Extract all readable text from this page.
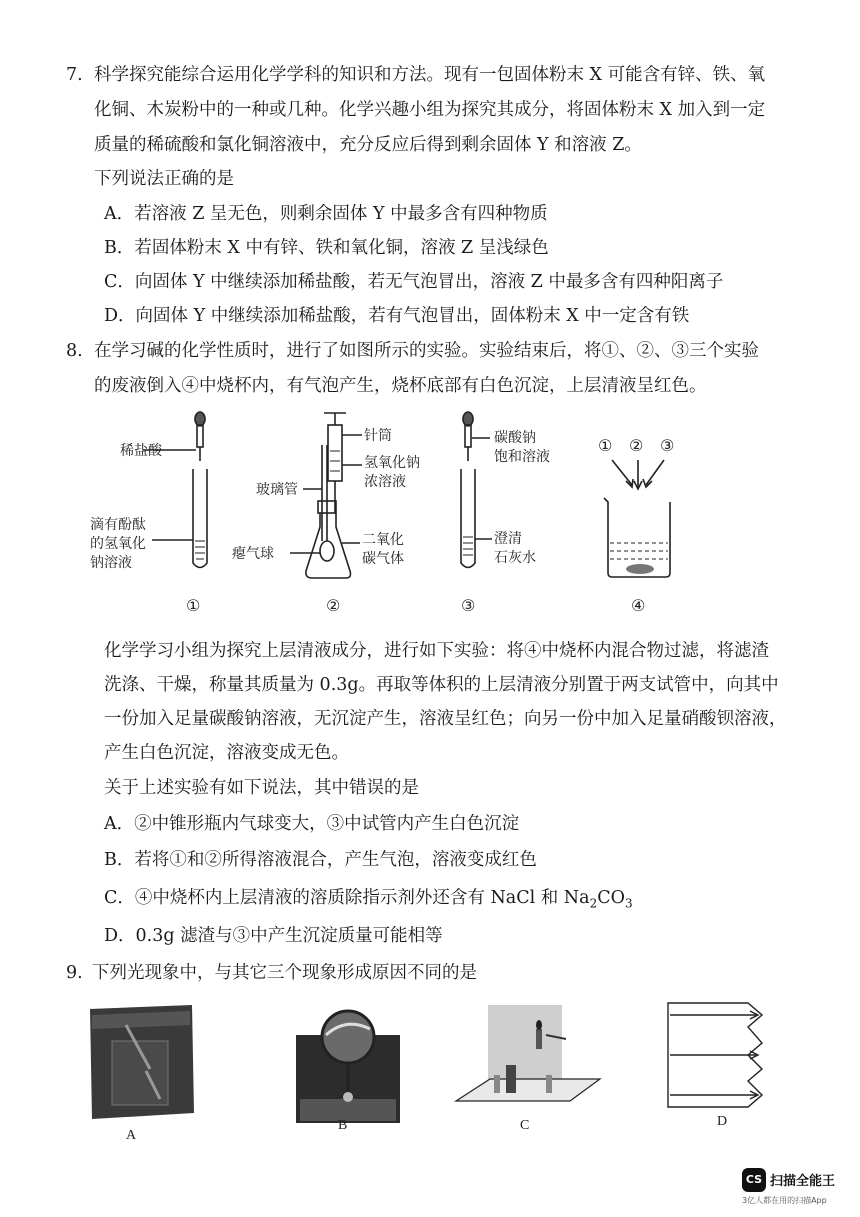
7. 科学探究能综合运用化学学科的知识和方法。现有一包固体粉末 X 可能含有锌、铁、氧
化铜、木炭粉中的一种或几种。化学兴趣小组为探究其成分，将固体粉末 X 加入到一定
质量的稀硫酸和氯化铜溶液中，充分反应后得到剩余固体 Y 和溶液 Z。
下列说法正确的是
A．若溶液 Z 呈无色，则剩余固体 Y 中最多含有四种物质
B．若固体粉末 X 中有锌、铁和氧化铜，溶液 Z 呈浅绿色
C．向固体 Y 中继续添加稀盐酸，若无气泡冒出，溶液 Z 中最多含有四种阳离子
D．向固体 Y 中继续添加稀盐酸，若有气泡冒出，固体粉末 X 中一定含有铁
8. 在学习碱的化学性质时，进行了如图所示的实验。实验结束后，将①、②、③三个实验
的废液倒入④中烧杯内，有气泡产生，烧杯底部有白色沉淀，上层清液呈红色。
稀盐酸
滴有酚酞
的氢氧化
钠溶液
针筒
氢氧化钠
浓溶液
玻璃管
瘪气球
二氧化
碳气体
碳酸钠
饱和溶液
澄清
石灰水
① ② ③
①	②	③	④
化学学习小组为探究上层清液成分，进行如下实验：将④中烧杯内混合物过滤，将滤渣
洗涤、干燥，称量其质量为 0.3g。再取等体积的上层清液分别置于两支试管中，向其中
一份加入足量碳酸钠溶液，无沉淀产生，溶液呈红色；向另一份中加入足量硝酸钡溶液，
产生白色沉淀，溶液变成无色。
关于上述实验有如下说法，其中错误的是
A．②中锥形瓶内气球变大，③中试管内产生白色沉淀
B．若将①和②所得溶液混合，产生气泡，溶液变成红色
C．④中烧杯内上层清液的溶质除指示剂外还含有 NaCl 和 $Na_2CO_3$
D．0.3g 滤渣与③中产生沉淀质量可能相等
9. 下列光现象中，与其它三个现象形成原因不同的是
A
B	C	D
CS 扫描全能王
3亿人都在用的扫描App
